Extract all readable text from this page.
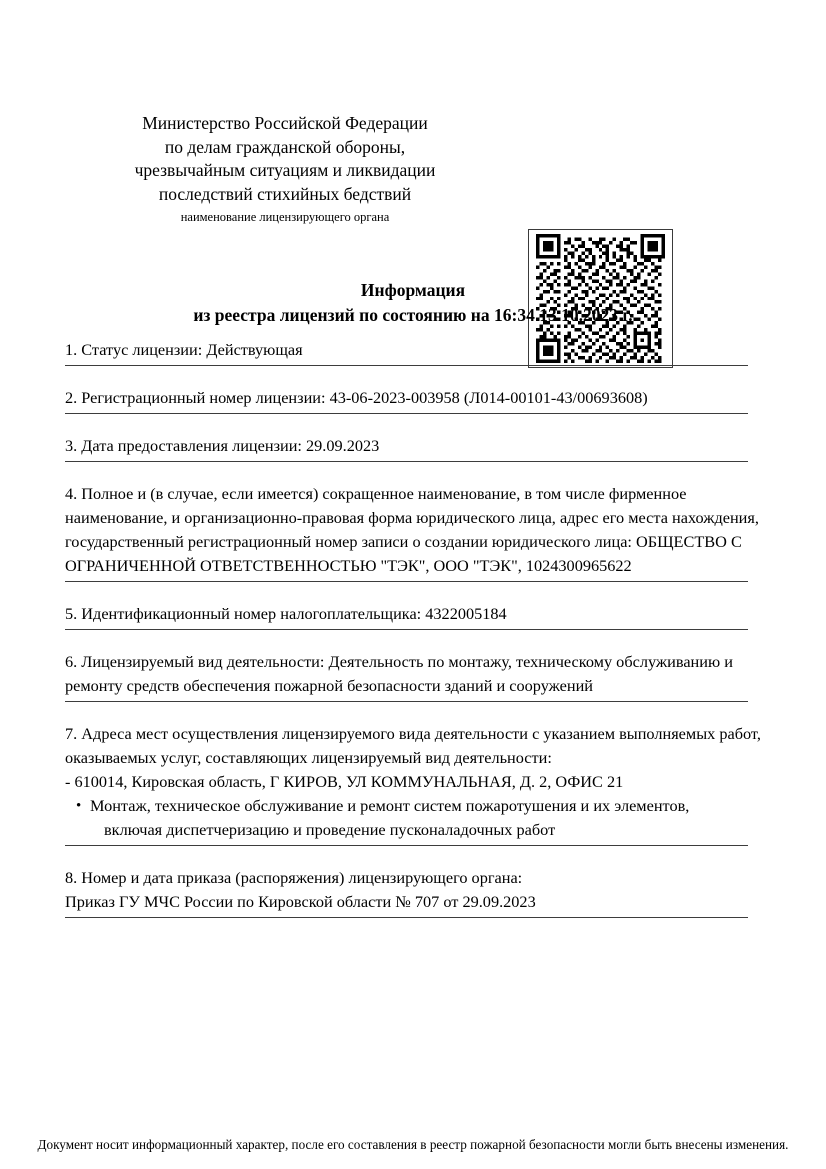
Министерство Российской Федерации
по делам гражданской обороны,
чрезвычайным ситуациям и ликвидации
последствий стихийных бедствий
наименование лицензирующего органа
Информация
из реестра лицензий по состоянию на 16:34 13.10.2023 г.

1. Статус лицензии: Действующая

2. Регистрационный номер лицензии: 43-06-2023-003958 (Л014-00101-43/00693608)

3. Дата предоставления лицензии: 29.09.2023

4. Полное и (в случае, если имеется) сокращенное наименование, в том числе фирменное наименование, и организационно-правовая форма юридического лица, адрес его места нахождения, государственный регистрационный номер записи о создании юридического лица: ОБЩЕСТВО С ОГРАНИЧЕННОЙ ОТВЕТСТВЕННОСТЬЮ "ТЭК", ООО "ТЭК", 1024300965622

5. Идентификационный номер налогоплательщика: 4322005184

6. Лицензируемый вид деятельности: Деятельность по монтажу, техническому обслуживанию и ремонту средств обеспечения пожарной безопасности зданий и сооружений

7. Адреса мест осуществления лицензируемого вида деятельности с указанием выполняемых работ, оказываемых услуг, составляющих лицензируемый вид деятельности:

- 610014, Кировская область, Г КИРОВ, УЛ КОММУНАЛЬНАЯ, Д. 2, ОФИС 21

• Монтаж, техническое обслуживание и ремонт систем пожаротушения и их элементов,
включая диспетчеризацию и проведение пусконаладочных работ

8. Номер и дата приказа (распоряжения) лицензирующего органа:

Приказ ГУ МЧС России по Кировской области № 707 от 29.09.2023

Документ носит информационный характер, после его составления в реестр пожарной безопасности могли быть внесены изменения.
